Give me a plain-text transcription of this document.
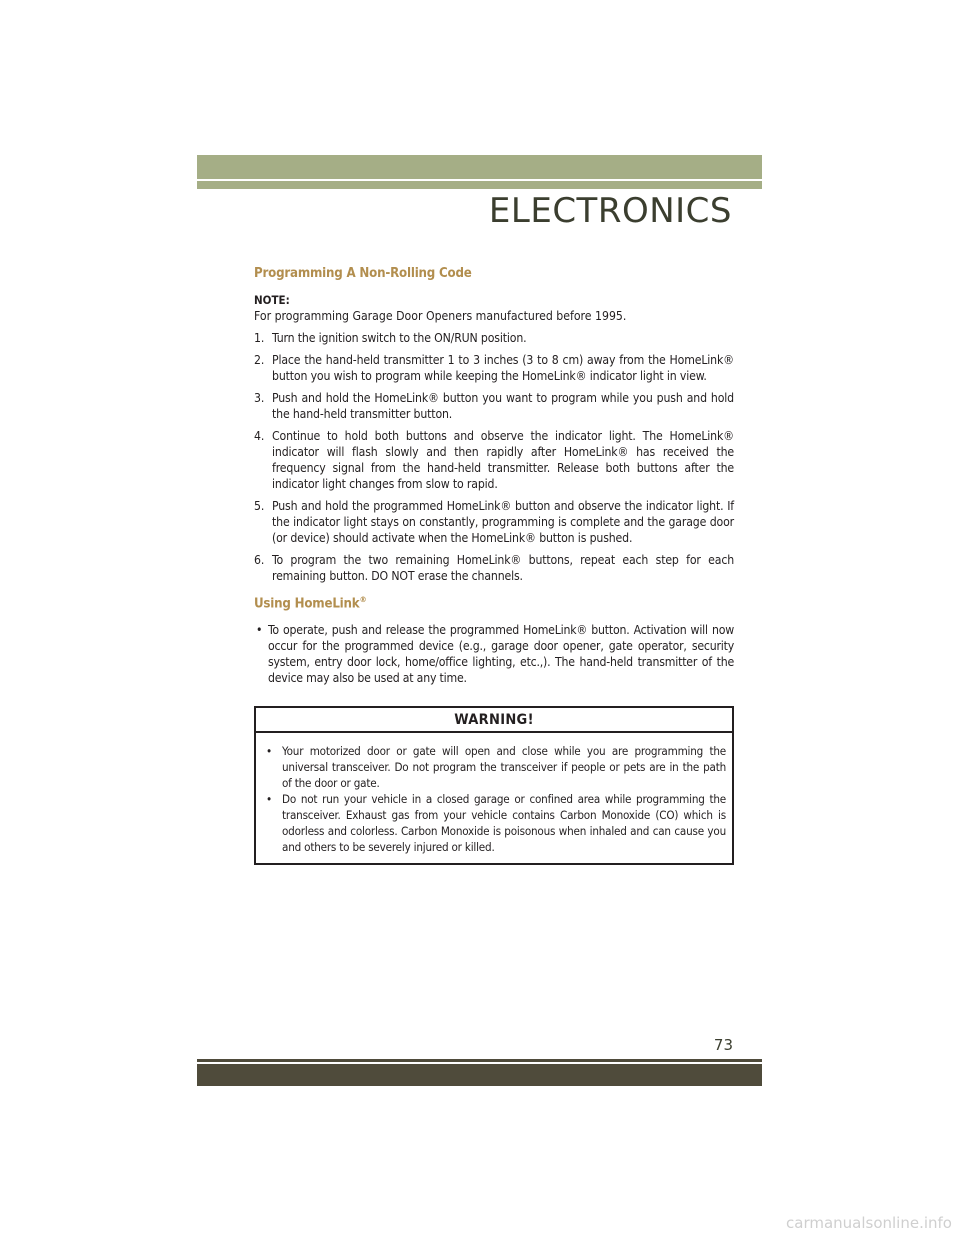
ELECTRONICS
Programming A Non-Rolling Code

NOTE:

For programming Garage Door Openers manufactured before 1995.

1. Turn the ignition switch to the ON/RUN position.
2. Place the hand-held transmitter 1 to 3 inches (3 to 8 cm) away from the HomeLink® button you wish to program while keeping the HomeLink® indicator light in view.
3. Push and hold the HomeLink® button you want to program while you push and hold the hand-held transmitter button.
4. Continue to hold both buttons and observe the indicator light. The HomeLink® indicator will flash slowly and then rapidly after HomeLink® has received the frequency signal from the hand-held transmitter. Release both buttons after the indicator light changes from slow to rapid.
5. Push and hold the programmed HomeLink® button and observe the indicator light. If the indicator light stays on constantly, programming is complete and the garage door (or device) should activate when the HomeLink® button is pushed.
6. To program the two remaining HomeLink® buttons, repeat each step for each remaining button. DO NOT erase the channels.
Using HomeLink®
• To operate, push and release the programmed HomeLink® button. Activation will now occur for the programmed device (e.g., garage door opener, gate operator, security system, entry door lock, home/office lighting, etc.,). The hand-held transmitter of the device may also be used at any time.
WARNING!
• Your motorized door or gate will open and close while you are programming the universal transceiver. Do not program the transceiver if people or pets are in the path of the door or gate.
• Do not run your vehicle in a closed garage or confined area while programming the transceiver. Exhaust gas from your vehicle contains Carbon Monoxide (CO) which is odorless and colorless. Carbon Monoxide is poisonous when inhaled and can cause you and others to be severely injured or killed.
73
carmanualsonline.info
